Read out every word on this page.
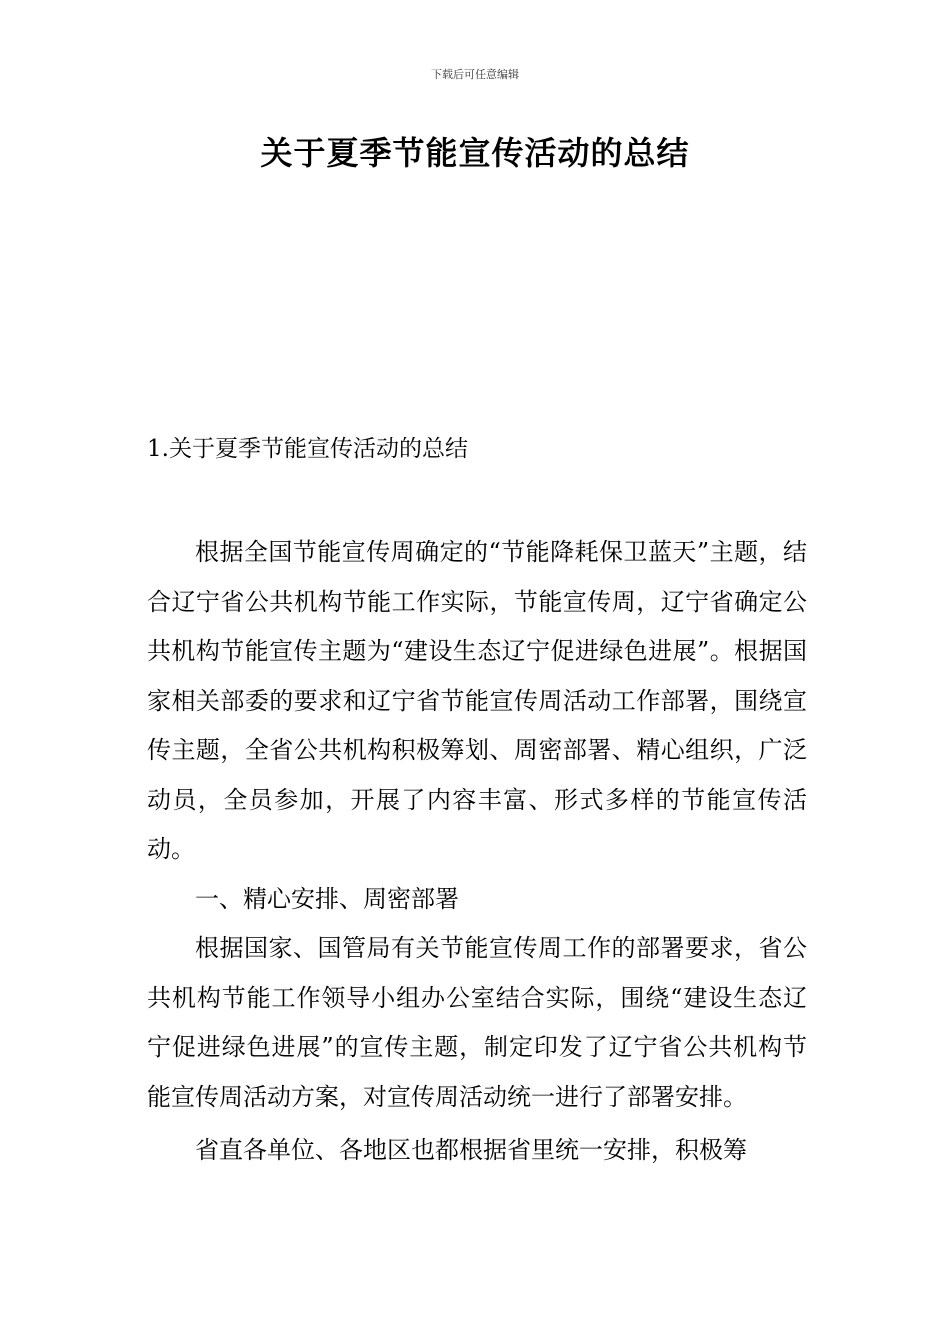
下载后可任意编辑
关于夏季节能宣传活动的总结
1.关于夏季节能宣传活动的总结

根据全国节能宣传周确定的“节能降耗保卫蓝天”主题，结合辽宁省公共机构节能工作实际，节能宣传周，辽宁省确定公共机构节能宣传主题为“建设生态辽宁促进绿色进展”。根据国家相关部委的要求和辽宁省节能宣传周活动工作部署，围绕宣传主题，全省公共机构积极筹划、周密部署、精心组织，广泛动员，全员参加，开展了内容丰富、形式多样的节能宣传活动。

一、精心安排、周密部署

根据国家、国管局有关节能宣传周工作的部署要求，省公共机构节能工作领导小组办公室结合实际，围绕“建设生态辽宁促进绿色进展”的宣传主题，制定印发了辽宁省公共机构节能宣传周活动方案，对宣传周活动统一进行了部署安排。

省直各单位、各地区也都根据省里统一安排，积极筹
